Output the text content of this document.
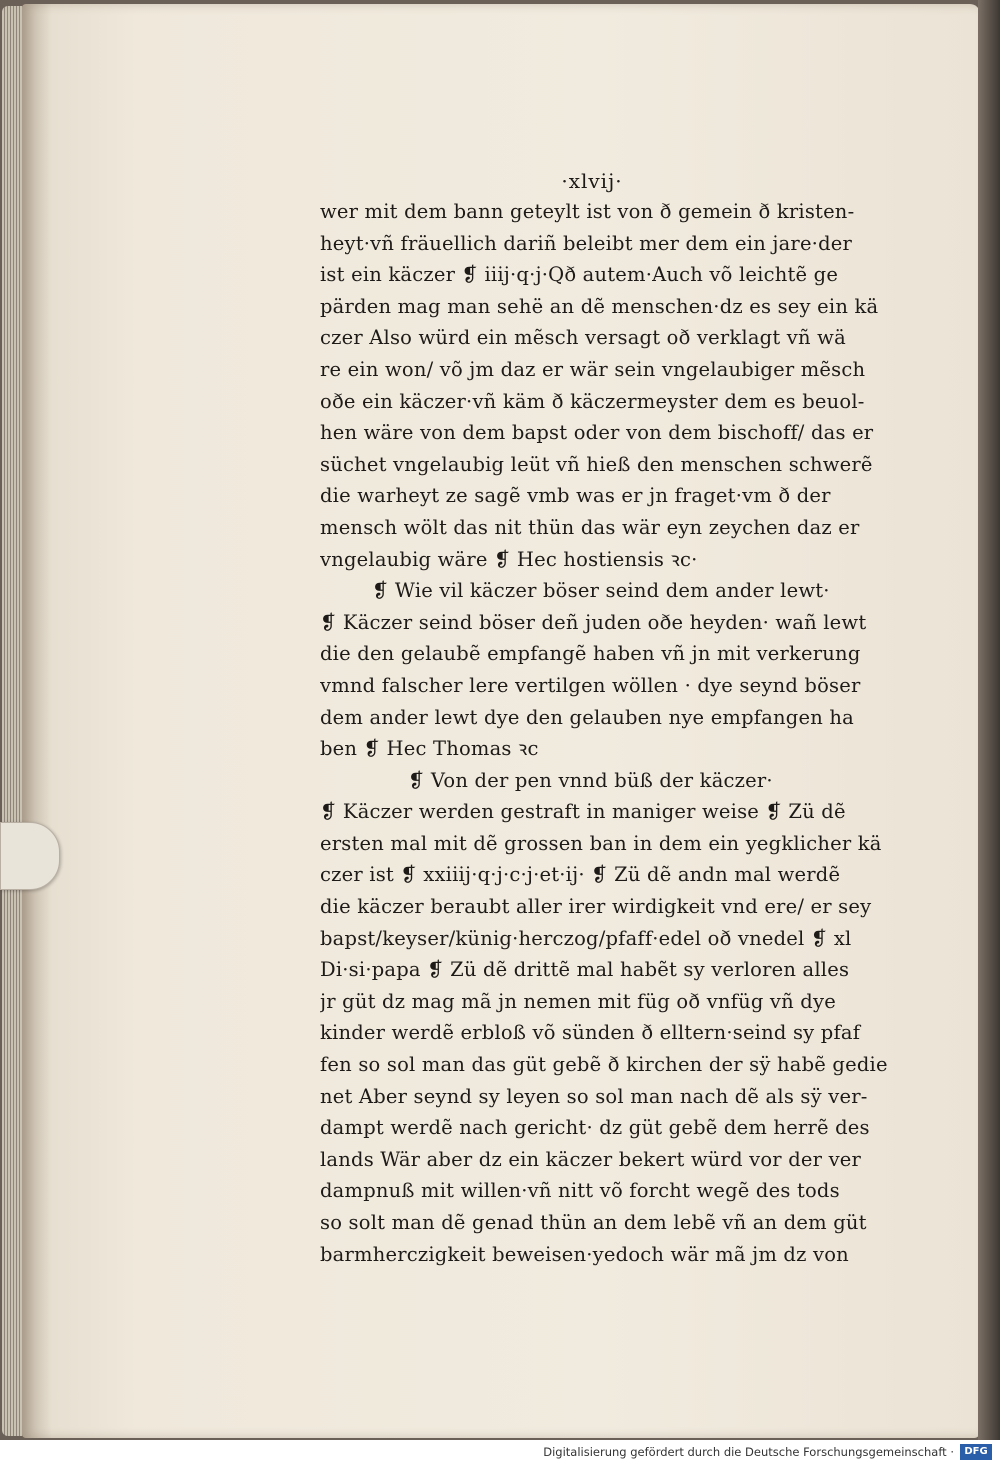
·xlvij·
wer mit dem bann geteylt ist von ð gemein ð kristen-
heyt·vñ fräuellich dariñ beleibt mer dem ein jare·der
ist ein käczer ❡ iiij·q·j·Qð autem·Auch võ leichtẽ ge
pärden mag man sehë an dẽ menschen·dz es sey ein kä
czer Also würd ein mẽsch versagt oð verklagt vñ wä
re ein won/ võ jm daz er wär sein vngelaubiger mẽsch
oðe ein käczer·vñ käm ð käczermeyster dem es beuol-
hen wäre von dem bapst oder von dem bischoff/ das er
süchet vngelaubig leüt vñ hieß den menschen schwerẽ
die warheyt ze sagẽ vmb was er jn fraget·vm ð der
mensch wölt das nit thün das wär eyn zeychen daz er
vngelaubig wäre ❡ Hec hostiensis ꝛc·
❡ Wie vil käczer böser seind dem ander lewt·
❡ Käczer seind böser deñ juden oðe heyden· wañ lewt
die den gelaubẽ empfangẽ haben vñ jn mit verkerung
vmnd falscher lere vertilgen wöllen · dye seynd böser
dem ander lewt dye den gelauben nye empfangen ha
ben ❡ Hec Thomas ꝛc
❡ Von der pen vnnd büß der käczer·
❡ Käczer werden gestraft in maniger weise ❡ Zü dẽ
ersten mal mit dẽ grossen ban in dem ein yegklicher kä
czer ist ❡ xxiiij·q·j·c·j·et·ij· ❡ Zü dẽ andn mal werdẽ
die käczer beraubt aller irer wirdigkeit vnd ere/ er sey
bapst/keyser/künig·herczog/pfaff·edel oð vnedel ❡ xl
Di·si·papa ❡ Zü dẽ drittẽ mal habẽt sy verloren alles
jr güt dz mag mã jn nemen mit füg oð vnfüg vñ dye
kinder werdẽ erbloß võ sünden ð elltern·seind sy pfaf
fen so sol man das güt gebẽ ð kirchen der sÿ habẽ gedie
net Aber seynd sy leyen so sol man nach dẽ als sÿ ver-
dampt werdẽ nach gericht· dz güt gebẽ dem herrẽ des
lands Wär aber dz ein käczer bekert würd vor der ver
dampnuß mit willen·vñ nitt võ forcht wegẽ des tods
so solt man dẽ genad thün an dem lebẽ vñ an dem güt
barmherczigkeit beweisen·yedoch wär mã jm dz von
Digitalisierung gefördert durch die Deutsche Forschungsgemeinschaft ·	DFG
